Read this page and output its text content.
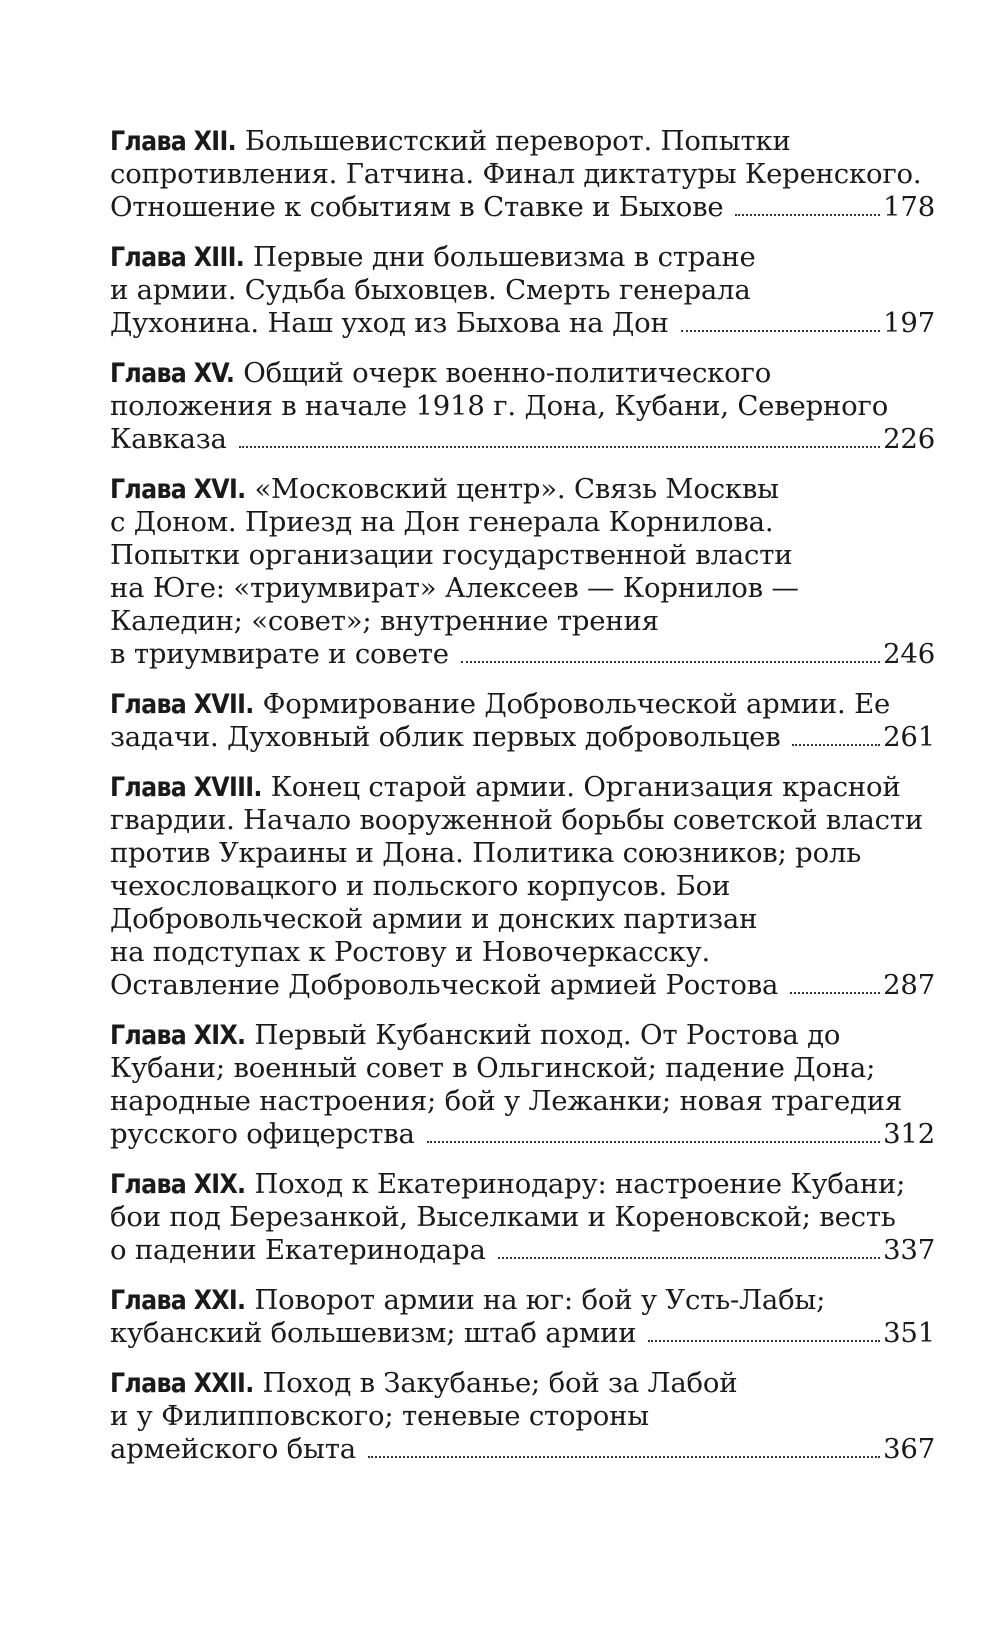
Глава XII. Большевистский переворот. Попытки
сопротивления. Гатчина. Финал диктатуры Керенского.
Отношение к событиям в Ставке и Быхове	178
Глава XIII. Первые дни большевизма в стране
и армии. Судьба быховцев. Смерть генерала
Духонина. Наш уход из Быхова на Дон	197
Глава XV. Общий очерк военно-политического
положения в начале 1918 г. Дона, Кубани, Северного
Кавказа	226
Глава XVI. «Московский центр». Связь Москвы
с Доном. Приезд на Дон генерала Корнилова.
Попытки организации государственной власти
на Юге: «триумвират» Алексеев — Корнилов —
Каледин; «совет»; внутренние трения
в триумвирате и совете	246
Глава XVII. Формирование Добровольческой армии. Ее
задачи. Духовный облик первых добровольцев	261
Глава XVIII. Конец старой армии. Организация красной
гвардии. Начало вооруженной борьбы советской власти
против Украины и Дона. Политика союзников; роль
чехословацкого и польского корпусов. Бои
Добровольческой армии и донских партизан
на подступах к Ростову и Новочеркасску.
Оставление Добровольческой армией Ростова	287
Глава XIX. Первый Кубанский поход. От Ростова до
Кубани; военный совет в Ольгинской; падение Дона;
народные настроения; бой у Лежанки; новая трагедия
русского офицерства	312
Глава XIX. Поход к Екатеринодару: настроение Кубани;
бои под Березанкой, Выселками и Кореновской; весть
о падении Екатеринодара	337
Глава XXI. Поворот армии на юг: бой у Усть-Лабы;
кубанский большевизм; штаб армии	351
Глава XXII. Поход в Закубанье; бой за Лабой
и у Филипповского; теневые стороны
армейского быта	367
